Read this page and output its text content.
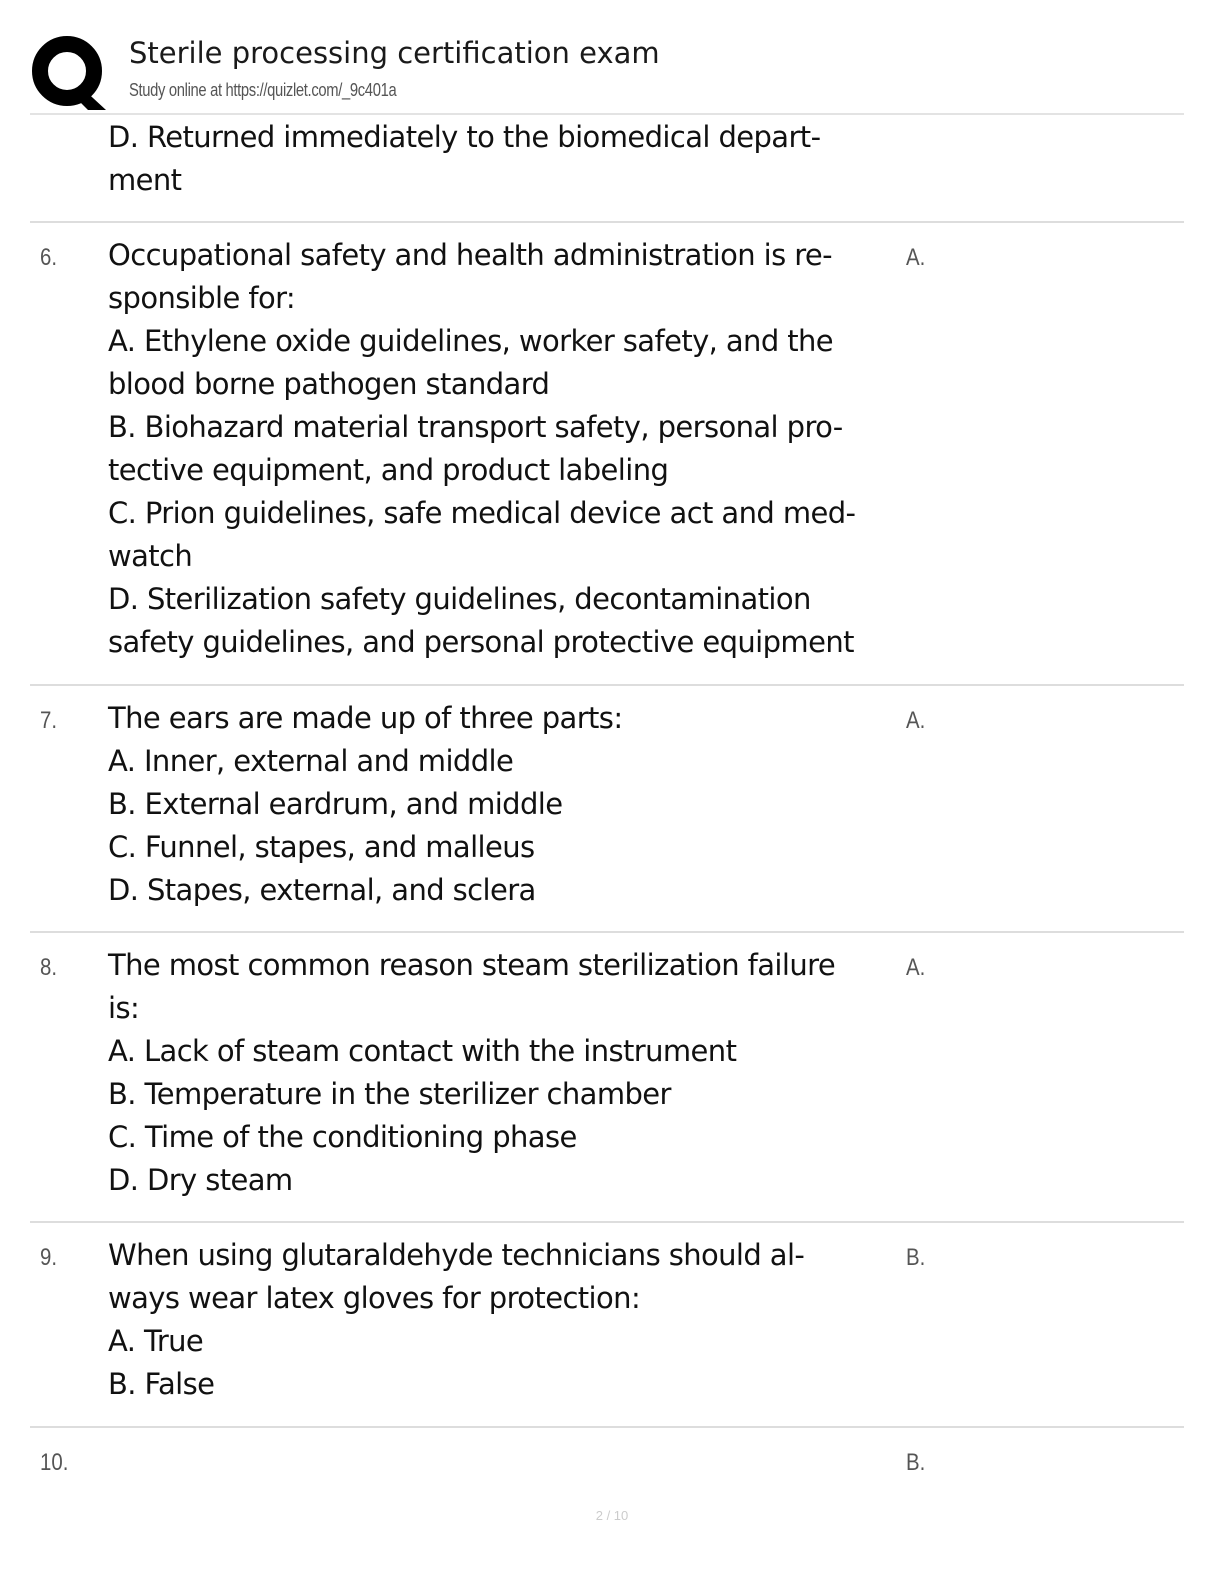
Sterile processing certification exam
Study online at https://quizlet.com/_9c401a
D. Returned immediately to the biomedical depart-
ment
6. Occupational safety and health administration is re-
sponsible for:
A. Ethylene oxide guidelines, worker safety, and the
blood borne pathogen standard
B. Biohazard material transport safety, personal pro-
tective equipment, and product labeling
C. Prion guidelines, safe medical device act and med-
watch
D. Sterilization safety guidelines, decontamination
safety guidelines, and personal protective equipment
A.
7. The ears are made up of three parts:
A. Inner, external and middle
B. External eardrum, and middle
C. Funnel, stapes, and malleus
D. Stapes, external, and sclera
A.
8. The most common reason steam sterilization failure
is:
A. Lack of steam contact with the instrument
B. Temperature in the sterilizer chamber
C. Time of the conditioning phase
D. Dry steam
A.
9. When using glutaraldehyde technicians should al-
ways wear latex gloves for protection:
A. True
B. False
B.
10.	B.
2 / 10
